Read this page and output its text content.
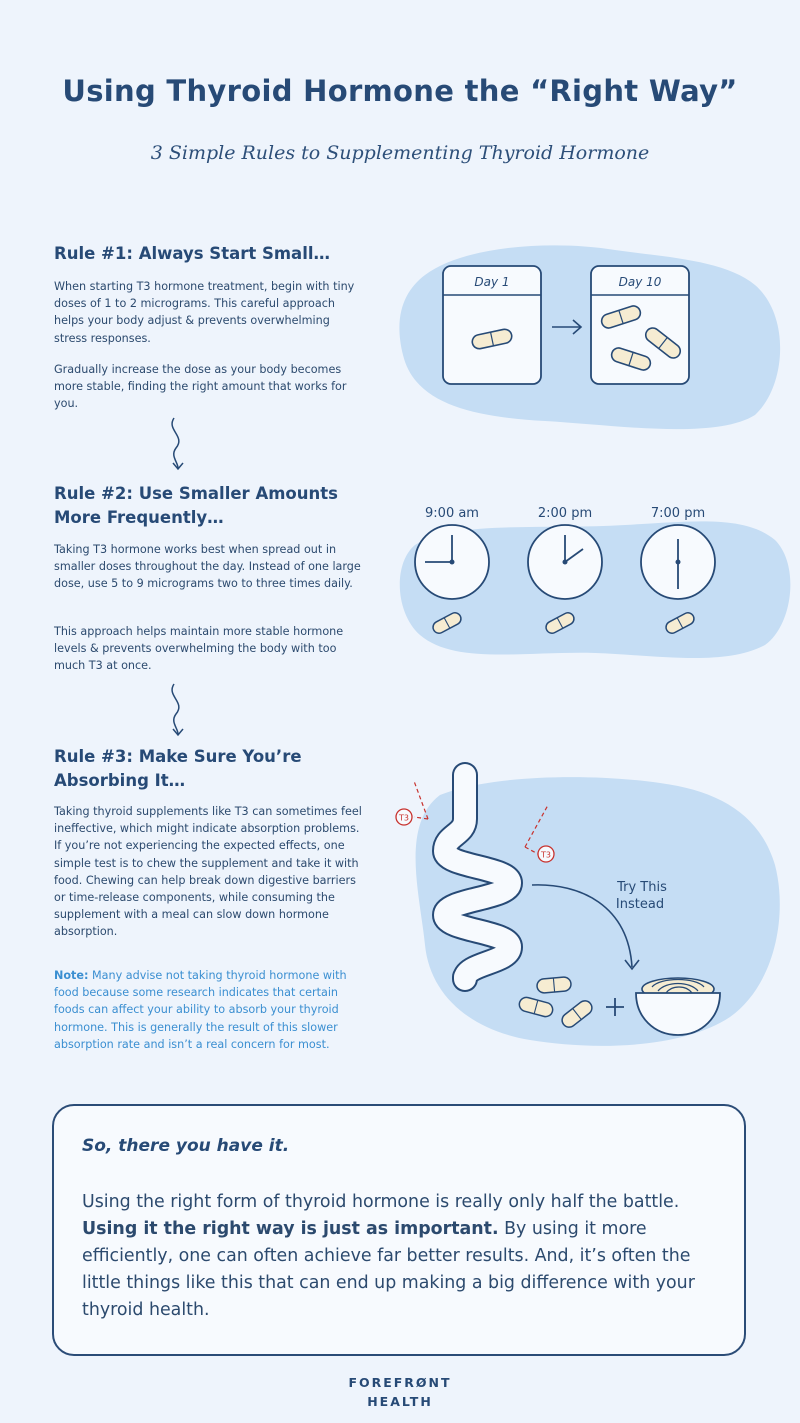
Using Thyroid Hormone the “Right Way”
3 Simple Rules to Supplementing Thyroid Hormone
Rule #1: Always Start Small…
When starting T3 hormone treatment, begin with tiny doses of 1 to 2 micrograms. This careful approach helps your body adjust & prevents overwhelming stress responses.
Gradually increase the dose as your body becomes more stable, finding the right amount that works for you.
Day 1	Day 10
Rule #2: Use Smaller Amounts
More Frequently…
Taking T3 hormone works best when spread out in smaller doses throughout the day. Instead of one large dose, use 5 to 9 micrograms two to three times daily.
This approach helps maintain more stable hormone levels & prevents overwhelming the body with too much T3 at once.
9:00 am	2:00 pm	7:00 pm
Rule #3: Make Sure You’re
Absorbing It…
Taking thyroid supplements like T3 can sometimes feel ineffective, which might indicate absorption problems. If you’re not experiencing the expected effects, one simple test is to chew the supplement and take it with food. Chewing can help break down digestive barriers or time-release components, while consuming the supplement with a meal can slow down hormone absorption.
Note: Many advise not taking thyroid hormone with food because some research indicates that certain foods can affect your ability to absorb your thyroid hormone. This is generally the result of this slower absorption rate and isn’t a real concern for most.
T3
T3
Try This
Instead
So, there you have it.
Using the right form of thyroid hormone is really only half the battle. Using it the right way is just as important. By using it more efficiently, one can often achieve far better results. And, it’s often the little things like this that can end up making a big difference with your thyroid health.
FOREFRØNT
HEALTH
